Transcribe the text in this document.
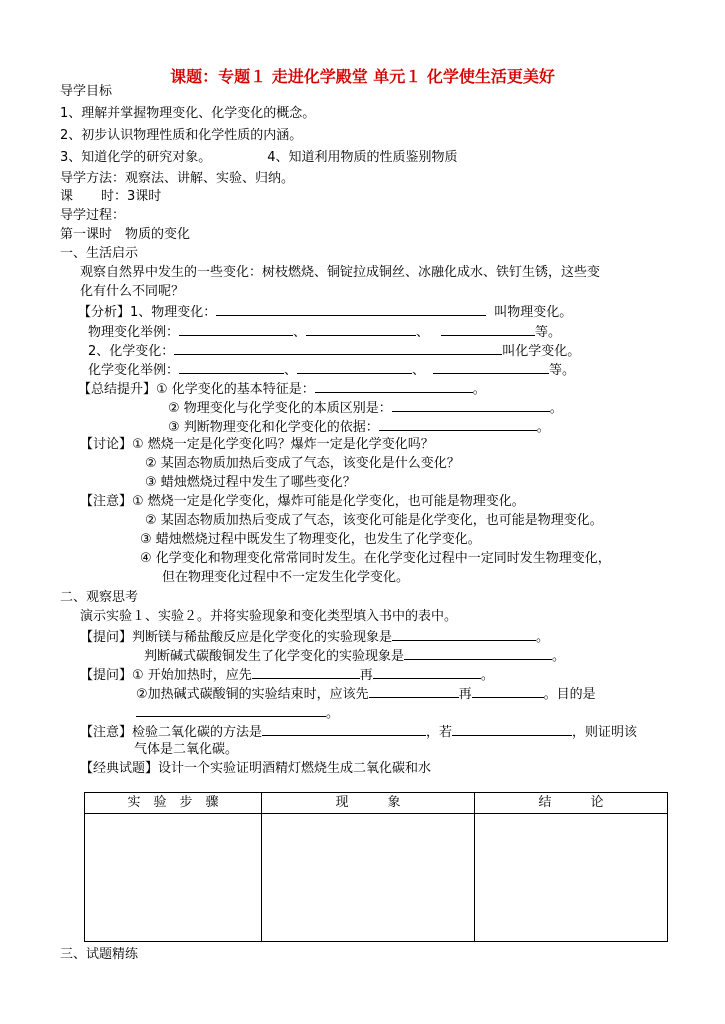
课题：专题１ 走进化学殿堂 单元１ 化学使生活更美好
导学目标
1、理解并掌握物理变化、化学变化的概念。
2、初步认识物理性质和化学性质的内涵。
3、知道化学的研究对象。	4、知道利用物质的性质鉴别物质
导学方法：观察法、讲解、实验、归纳。
课 时：3课时
导学过程：
第一课时　物质的变化
一、生活启示
观察自然界中发生的一些变化：树枝燃烧、铜锭拉成铜丝、冰融化成水、铁钉生锈，这些变
化有什么不同呢？
【分析】1、物理变化：	叫物理变化。
物理变化举例：	、	、	等。
2、化学变化：	叫化学变化。
化学变化举例：	、	、	等。
【总结提升】① 化学变化的基本特征是：	。
② 物理变化与化学变化的本质区别是：	。
③ 判断物理变化和化学变化的依据：	。
【讨论】① 燃烧一定是化学变化吗？爆炸一定是化学变化吗？
② 某固态物质加热后变成了气态，该变化是什么变化？
③ 蜡烛燃烧过程中发生了哪些变化？
【注意】① 燃烧一定是化学变化，爆炸可能是化学变化，也可能是物理变化。
② 某固态物质加热后变成了气态，该变化可能是化学变化，也可能是物理变化。
③ 蜡烛燃烧过程中既发生了物理变化，也发生了化学变化。
④ 化学变化和物理变化常常同时发生。在化学变化过程中一定同时发生物理变化，
但在物理变化过程中不一定发生化学变化。
二、观察思考
演示实验１、实验２。并将实验现象和变化类型填入书中的表中。
【提问】判断镁与稀盐酸反应是化学变化的实验现象是	。
判断碱式碳酸铜发生了化学变化的实验现象是	。
【提问】① 开始加热时，应先	再	。
②加热碱式碳酸铜的实验结束时，应该先	再	。目的是
。
【注意】检验二氧化碳的方法是	，若	，则证明该
气体是二氧化碳。
【经典试题】设计一个实验证明酒精灯燃烧生成二氧化碳和水
实　验　步　骤	现　　　象	结　　　论

三、试题精练
